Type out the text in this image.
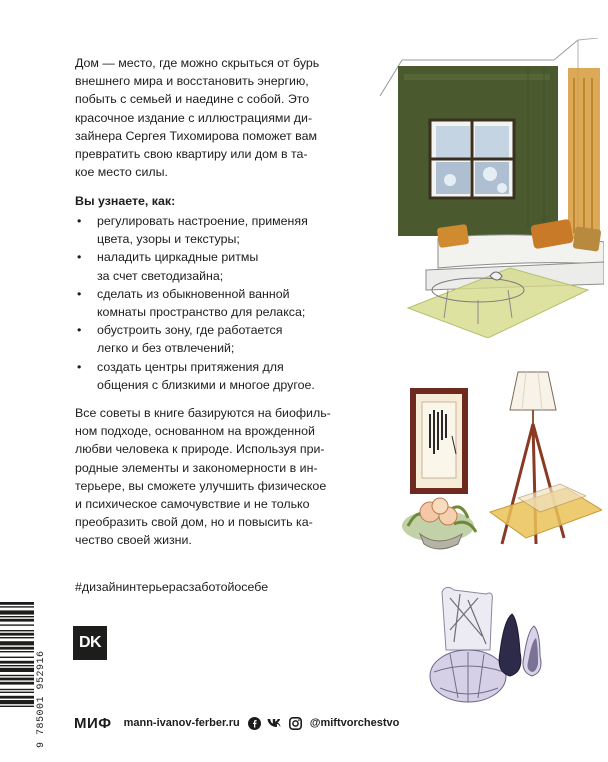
Дом — место, где можно скрыться от бурь
внешнего мира и восстановить энергию,
побыть с семьей и наедине с собой. Это
красочное издание с иллюстрациями ди-
зайнера Сергея Тихомирова поможет вам
превратить свою квартиру или дом в та-
кое место силы.
Вы узнаете, как:
• регулировать настроение, применяя
цвета, узоры и текстуры;
• наладить циркадные ритмы
за счет светодизайна;
• сделать из обыкновенной ванной
комнаты пространство для релакса;
• обустроить зону, где работается
легко и без отвлечений;
• создать центры притяжения для
общения с близкими и многое другое.
Все советы в книге базируются на биофиль-
ном подходе, основанном на врожденной
любви человека к природе. Используя при-
родные элементы и закономерности в ин-
терьере, вы сможете улучшить физическое
и психическое самочувствие и не только
преобразить свой дом, но и повысить ка-
чество своей жизни.
#дизайнинтерьерасзаботойосебе
DK
МИФ mann-ivanov-ferber.ru	@miftvorchestvo
9 785001 952916
